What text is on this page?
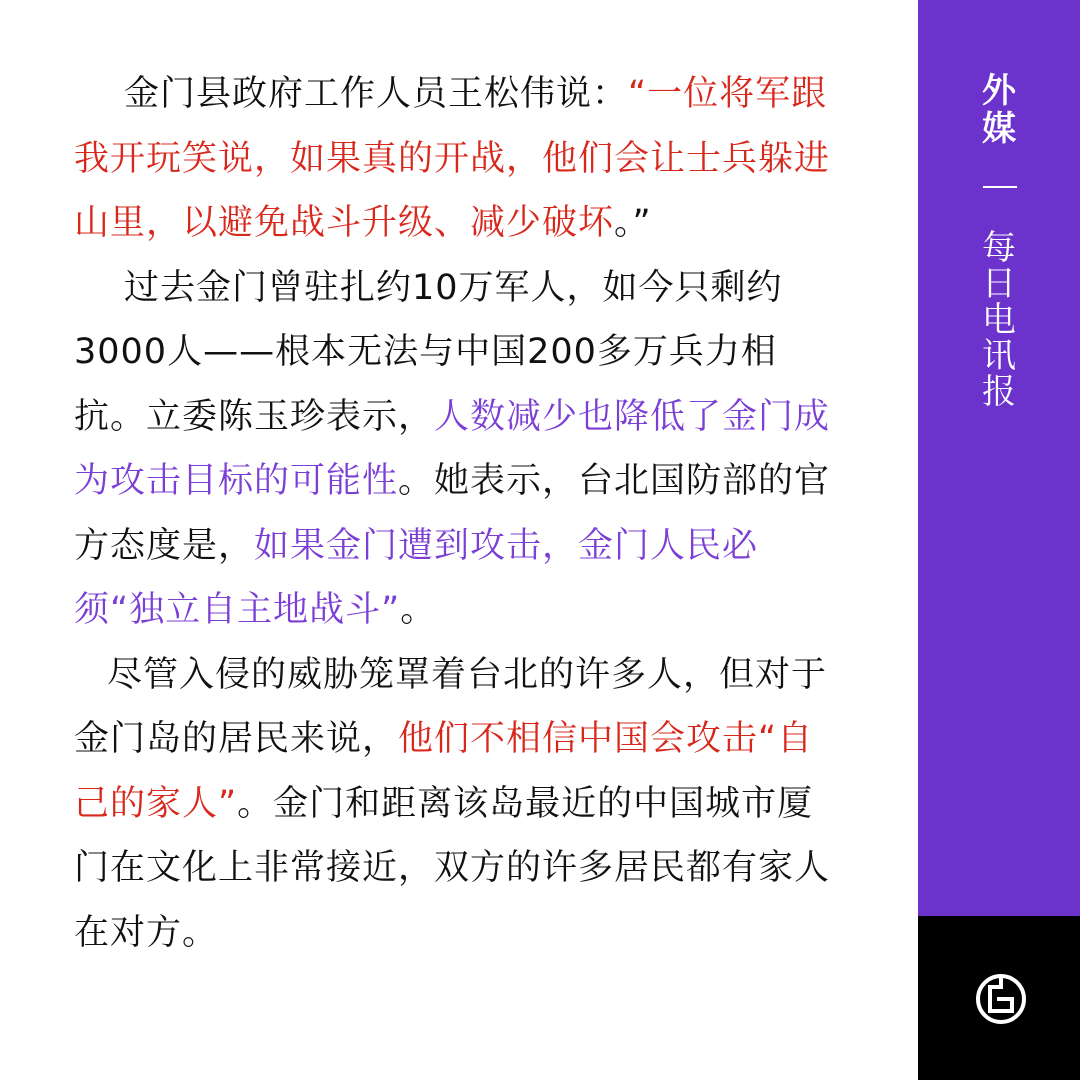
金门县政府工作人员王松伟说：“一位将军跟我开玩笑说，如果真的开战，他们会让士兵躲进山里，以避免战斗升级、减少破坏。”

过去金门曾驻扎约10万军人，如今只剩约3000人——根本无法与中国200多万兵力相抗。立委陈玉珍表示，人数减少也降低了金门成为攻击目标的可能性。她表示，台北国防部的官方态度是，如果金门遭到攻击，金门人民必须“独立自主地战斗”。

尽管入侵的威胁笼罩着台北的许多人，但对于金门岛的居民来说，他们不相信中国会攻击“自己的家人”。金门和距离该岛最近的中国城市厦门在文化上非常接近，双方的许多居民都有家人在对方。

外
媒
每
日
电
讯
报
